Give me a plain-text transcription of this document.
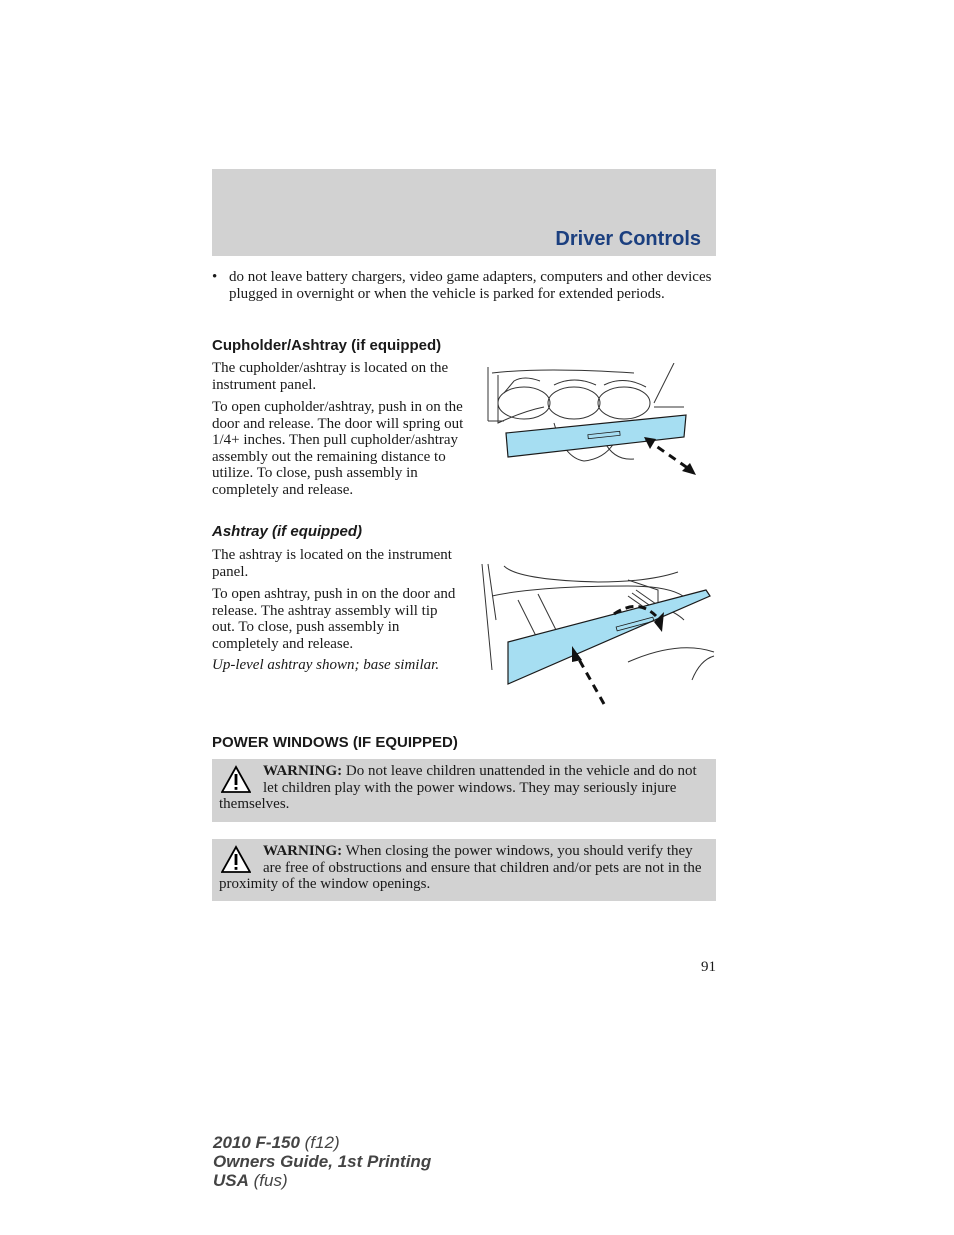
Driver Controls
• do not leave battery chargers, video game adapters, computers and other devices plugged in overnight or when the vehicle is parked for extended periods.
Cupholder/Ashtray (if equipped)
The cupholder/ashtray is located on the instrument panel.
To open cupholder/ashtray, push in on the door and release. The door will spring out 1/4+ inches. Then pull cupholder/ashtray assembly out the remaining distance to utilize. To close, push assembly in completely and release.
Ashtray (if equipped)
The ashtray is located on the instrument panel.
To open ashtray, push in on the door and release. The ashtray assembly will tip out. To close, push assembly in completely and release.
Up-level ashtray shown; base similar.
POWER WINDOWS (IF EQUIPPED)
WARNING: Do not leave children unattended in the vehicle and do not let children play with the power windows. They may seriously injure themselves.
WARNING: When closing the power windows, you should verify they are free of obstructions and ensure that children and/or pets are not in the proximity of the window openings.
91
2010 F-150 (f12)
Owners Guide, 1st Printing
USA (fus)
